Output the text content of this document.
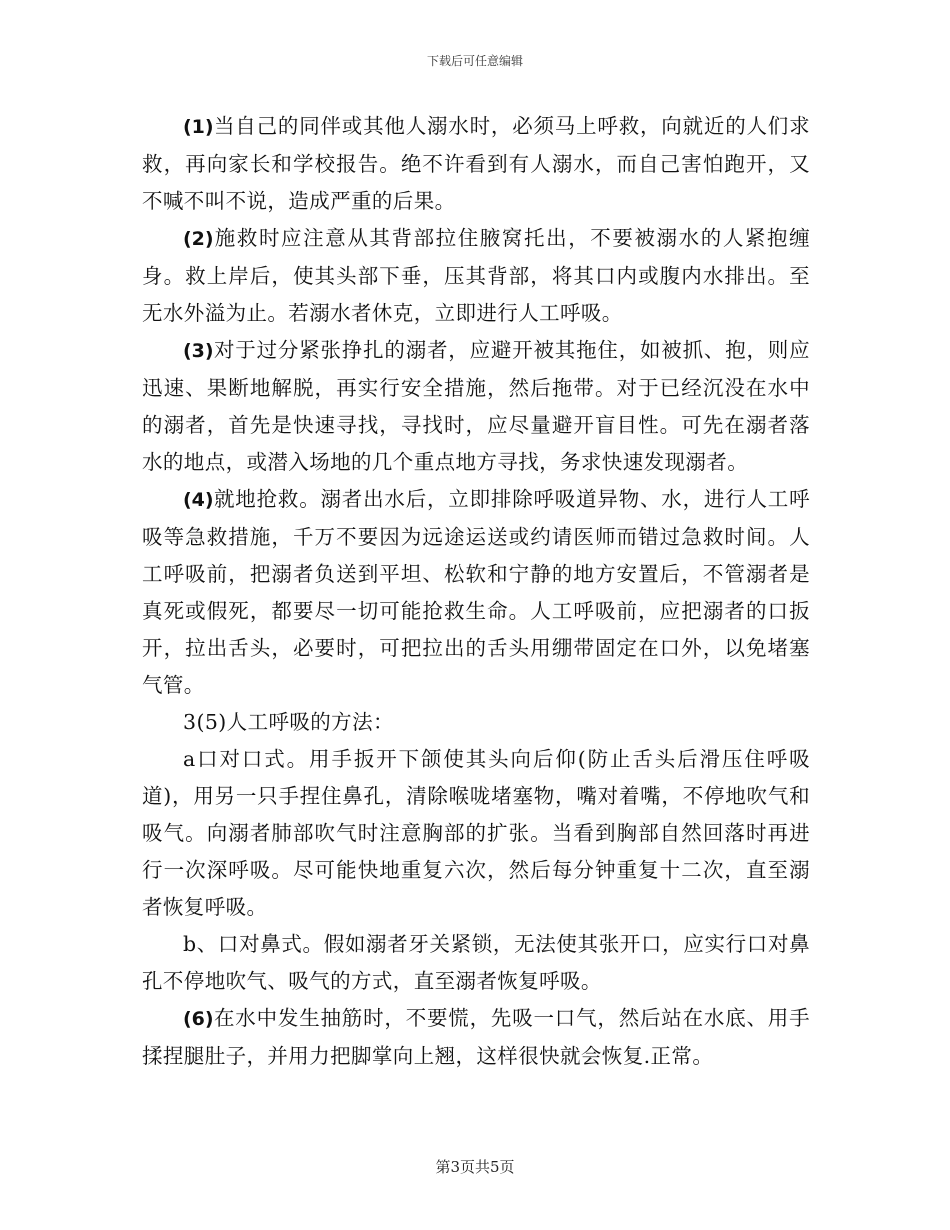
下载后可任意编辑

(1)当自己的同伴或其他人溺水时，必须马上呼救，向就近的人们求救，再向家长和学校报告。绝不许看到有人溺水，而自己害怕跑开，又不喊不叫不说，造成严重的后果。

(2)施救时应注意从其背部拉住腋窝托出，不要被溺水的人紧抱缠身。救上岸后，使其头部下垂，压其背部，将其口内或腹内水排出。至无水外溢为止。若溺水者休克，立即进行人工呼吸。

(3)对于过分紧张挣扎的溺者，应避开被其拖住，如被抓、抱，则应迅速、果断地解脱，再实行安全措施，然后拖带。对于已经沉没在水中的溺者，首先是快速寻找，寻找时，应尽量避开盲目性。可先在溺者落水的地点，或潜入场地的几个重点地方寻找，务求快速发现溺者。

(4)就地抢救。溺者出水后，立即排除呼吸道异物、水，进行人工呼吸等急救措施，千万不要因为远途运送或约请医师而错过急救时间。人工呼吸前，把溺者负送到平坦、松软和宁静的地方安置后，不管溺者是真死或假死，都要尽一切可能抢救生命。人工呼吸前，应把溺者的口扳开，拉出舌头，必要时，可把拉出的舌头用绷带固定在口外，以免堵塞气管。

3(5)人工呼吸的方法：

a口对口式。用手扳开下颌使其头向后仰(防止舌头后滑压住呼吸道)，用另一只手捏住鼻孔，清除喉咙堵塞物，嘴对着嘴，不停地吹气和吸气。向溺者肺部吹气时注意胸部的扩张。当看到胸部自然回落时再进行一次深呼吸。尽可能快地重复六次，然后每分钟重复十二次，直至溺者恢复呼吸。

b、口对鼻式。假如溺者牙关紧锁，无法使其张开口，应实行口对鼻孔不停地吹气、吸气的方式，直至溺者恢复呼吸。

(6)在水中发生抽筋时，不要慌，先吸一口气，然后站在水底、用手揉捏腿肚子，并用力把脚掌向上翘，这样很快就会恢复.正常。

第3页共5页
